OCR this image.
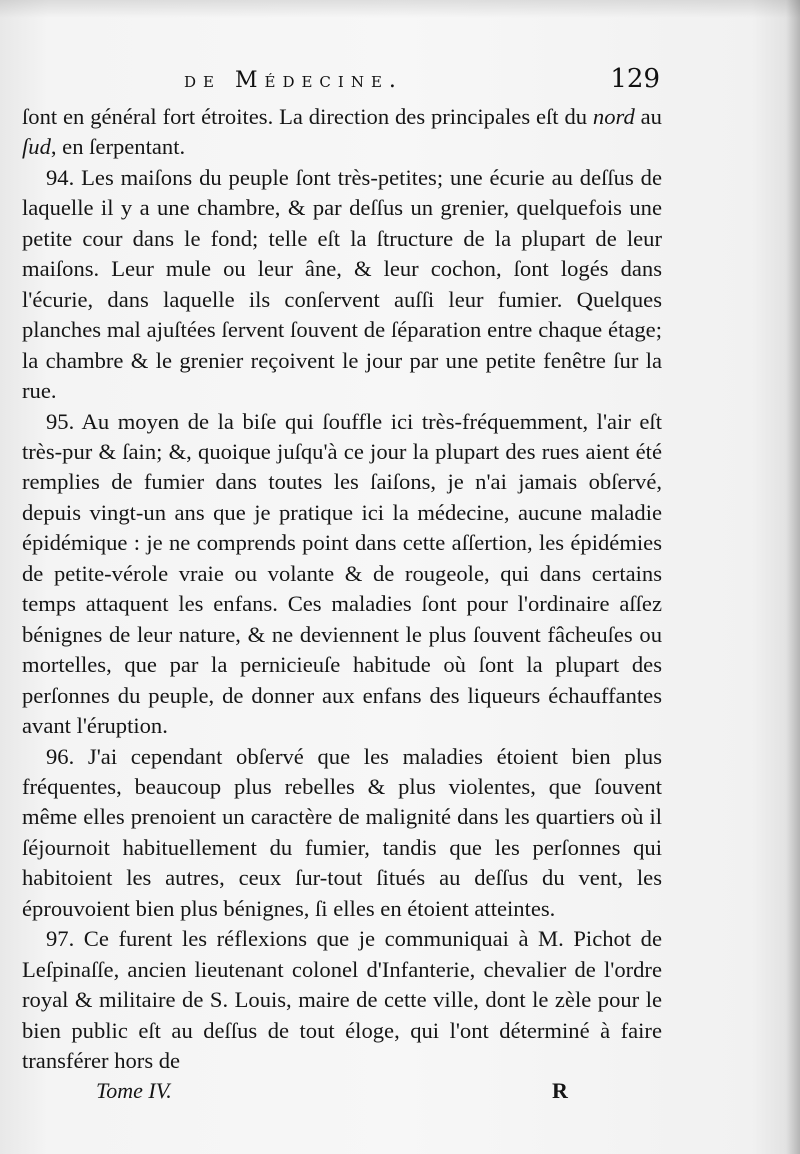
de Médecine.	129

ſont en général fort étroites. La direction des principales eſt du nord au ſud, en ſerpentant.

94. Les maiſons du peuple ſont très-petites; une écurie au deſſus de laquelle il y a une chambre, & par deſſus un grenier, quelquefois une petite cour dans le fond; telle eſt la ſtructure de la plupart de leur maiſons. Leur mule ou leur âne, & leur cochon, ſont logés dans l'écurie, dans laquelle ils conſervent auſſi leur fumier. Quelques planches mal ajuſtées ſervent ſouvent de ſéparation entre chaque étage; la chambre & le grenier reçoivent le jour par une petite fenêtre ſur la rue.

95. Au moyen de la biſe qui ſouffle ici très-fréquemment, l'air eſt très-pur & ſain; &, quoique juſqu'à ce jour la plupart des rues aient été remplies de fumier dans toutes les ſaiſons, je n'ai jamais obſervé, depuis vingt-un ans que je pratique ici la médecine, aucune maladie épidémique : je ne comprends point dans cette aſſertion, les épidémies de petite-vérole vraie ou volante & de rougeole, qui dans certains temps attaquent les enfans. Ces maladies ſont pour l'ordinaire aſſez bénignes de leur nature, & ne deviennent le plus ſouvent fâcheuſes ou mortelles, que par la pernicieuſe habitude où ſont la plupart des perſonnes du peuple, de donner aux enfans des liqueurs échauffantes avant l'éruption.

96. J'ai cependant obſervé que les maladies étoient bien plus fréquentes, beaucoup plus rebelles & plus violentes, que ſouvent même elles prenoient un caractère de malignité dans les quartiers où il ſéjournoit habituellement du fumier, tandis que les perſonnes qui habitoient les autres, ceux ſur-tout ſitués au deſſus du vent, les éprouvoient bien plus bénignes, ſi elles en étoient atteintes.

97. Ce furent les réflexions que je communiquai à M. Pichot de Leſpinaſſe, ancien lieutenant colonel d'Infanterie, chevalier de l'ordre royal & militaire de S. Louis, maire de cette ville, dont le zèle pour le bien public eſt au deſſus de tout éloge, qui l'ont déterminé à faire transférer hors de

Tome IV.	R
